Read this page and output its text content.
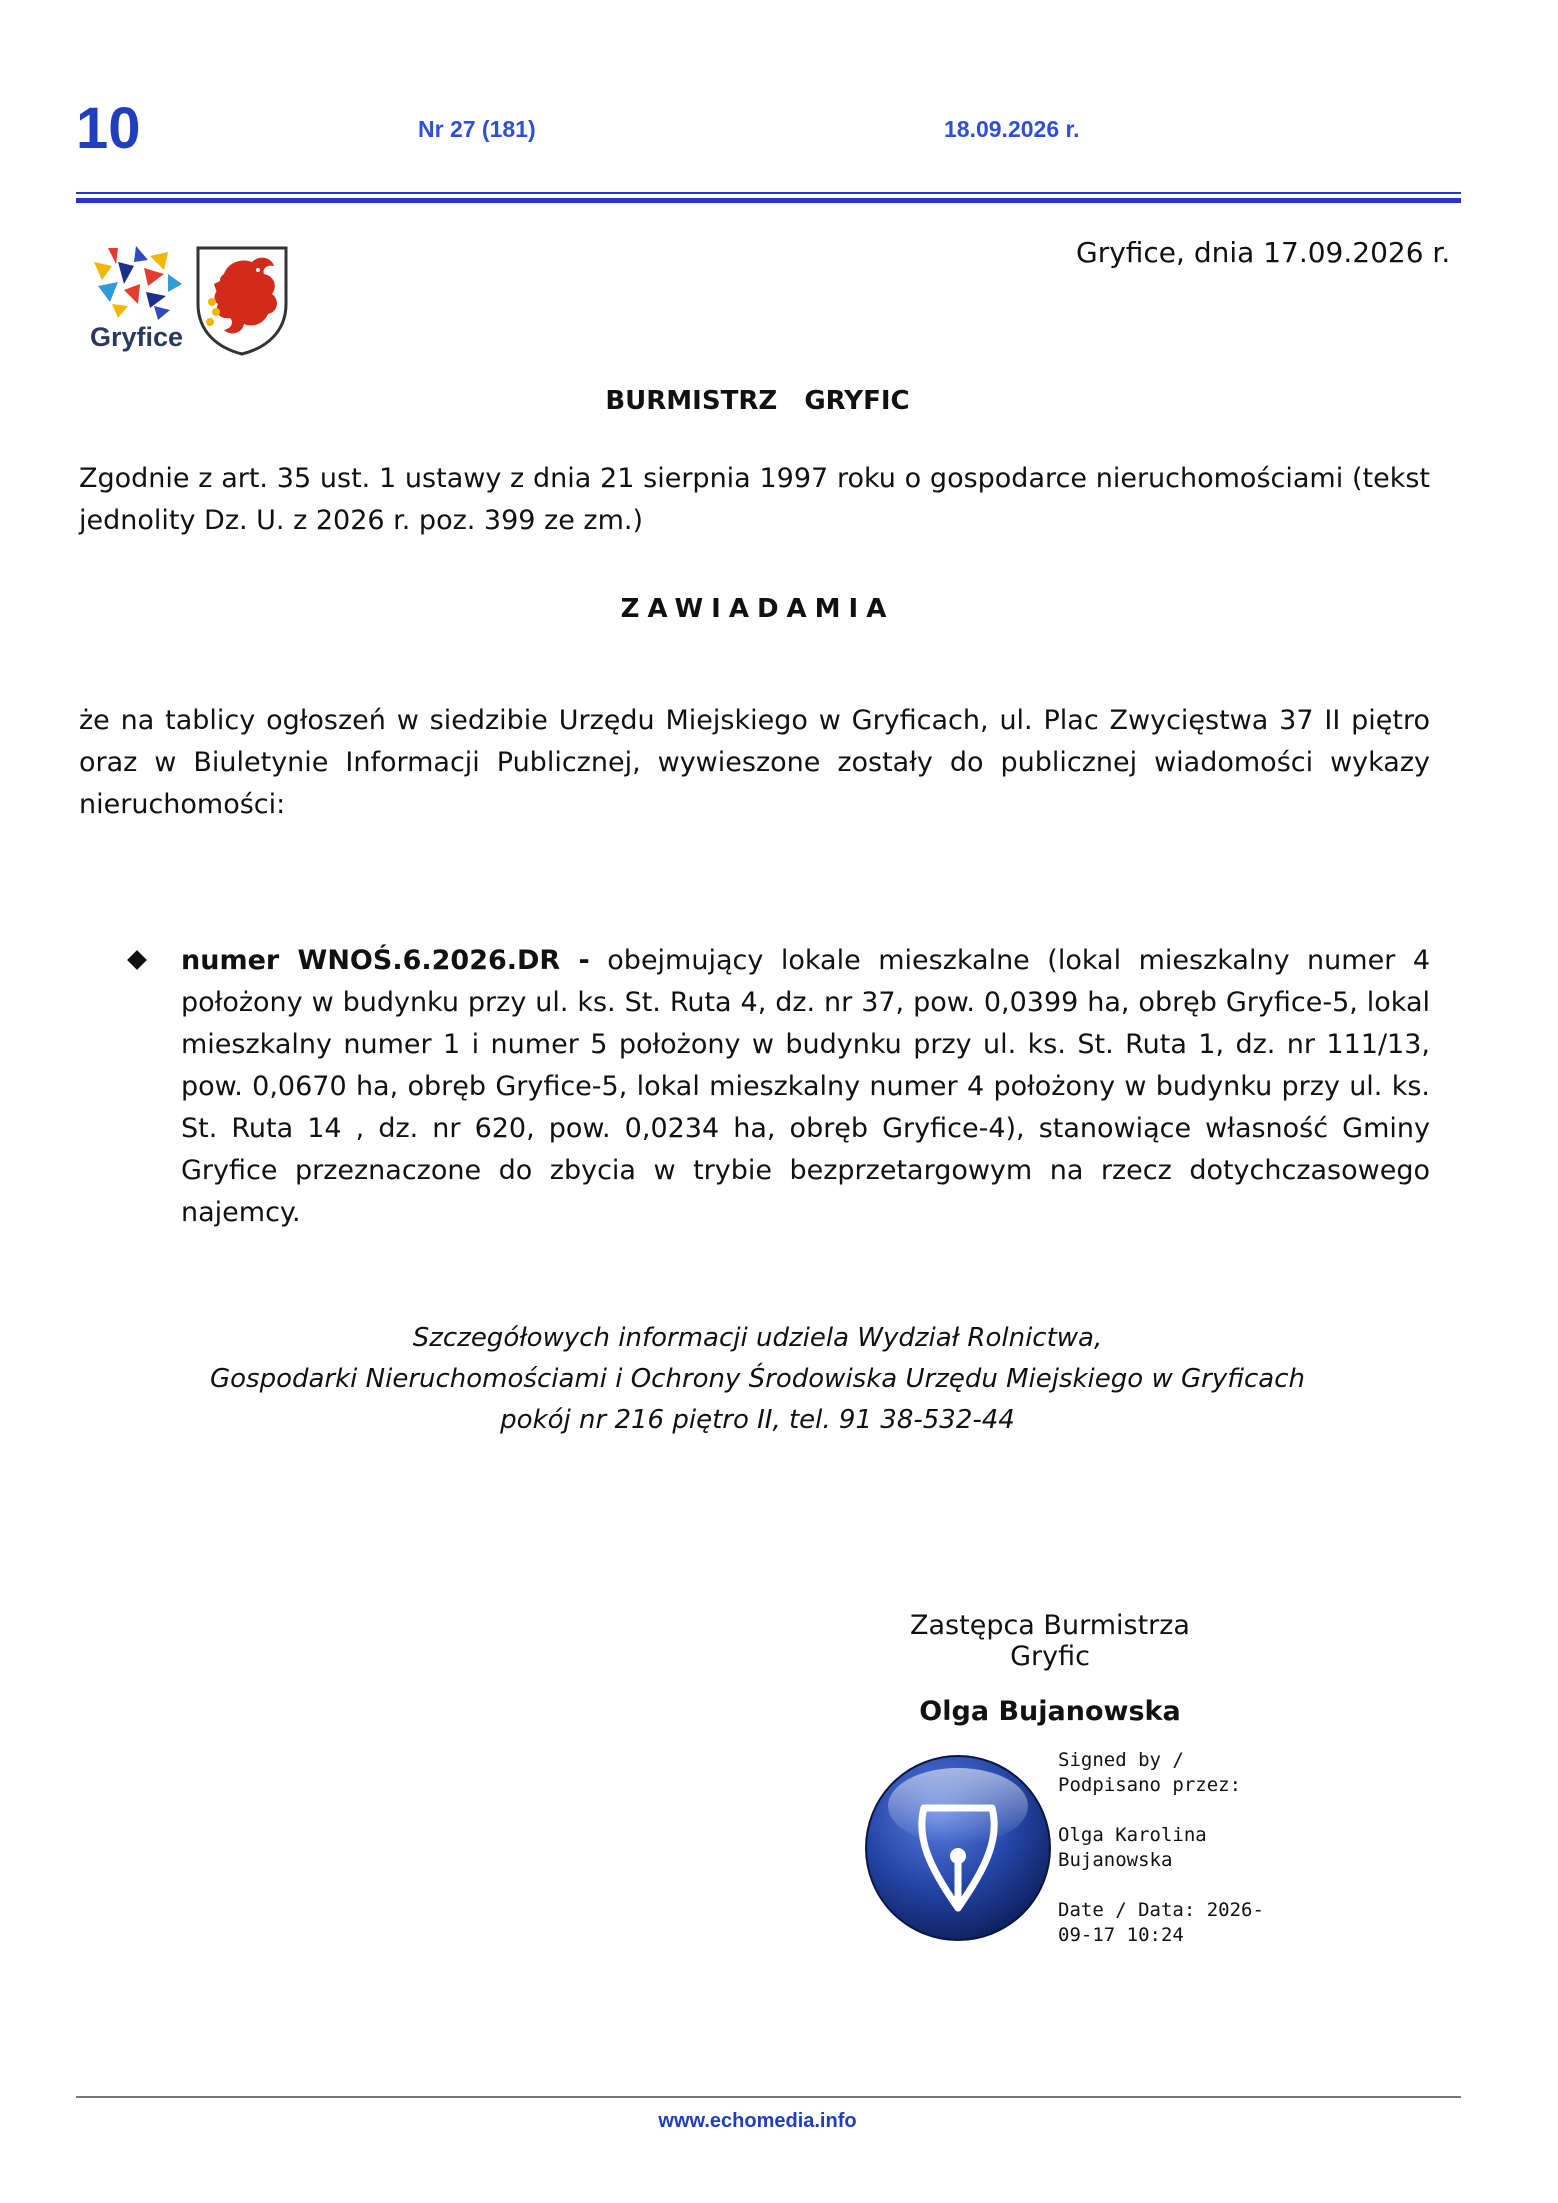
10	Nr 27 (181)	18.09.2026 r.
Gryfice
Gryfice, dnia 17.09.2026 r.
BURMISTRZ   GRYFIC
Zgodnie z art. 35 ust. 1 ustawy z dnia 21 sierpnia 1997 roku o gospodarce nieruchomościami (tekst jednolity Dz. U. z 2026 r. poz. 399 ze zm.)
ZAWIADAMIA
że na tablicy ogłoszeń w siedzibie Urzędu Miejskiego w Gryficach, ul. Plac Zwycięstwa 37 II piętro oraz w Biuletynie Informacji Publicznej, wywieszone zostały do publicznej wiadomości wykazy nieruchomości:
numer WNOŚ.6.2026.DR - obejmujący lokale mieszkalne (lokal mieszkalny numer 4 położony w budynku przy ul. ks. St. Ruta 4, dz. nr 37, pow. 0,0399 ha, obręb Gryfice-5, lokal mieszkalny numer 1 i numer 5 położony w budynku przy ul. ks. St. Ruta 1, dz. nr 111/13, pow. 0,0670 ha, obręb Gryfice-5, lokal mieszkalny numer 4 położony w budynku przy ul. ks. St. Ruta 14 , dz. nr 620, pow. 0,0234 ha, obręb Gryfice-4), stanowiące własność Gminy Gryfice przeznaczone do zbycia w trybie bezprzetargowym na rzecz dotychczasowego najemcy.
Szczegółowych informacji udziela Wydział Rolnictwa,
Gospodarki Nieruchomościami i Ochrony Środowiska Urzędu Miejskiego w Gryficach
pokój nr 216 piętro II, tel. 91 38-532-44
Zastępca Burmistrza Gryfic
Olga Bujanowska
Signed by /
Podpisano przez:
Olga Karolina
Bujanowska
Date / Data: 2026-
09-17 10:24
www.echomedia.info
